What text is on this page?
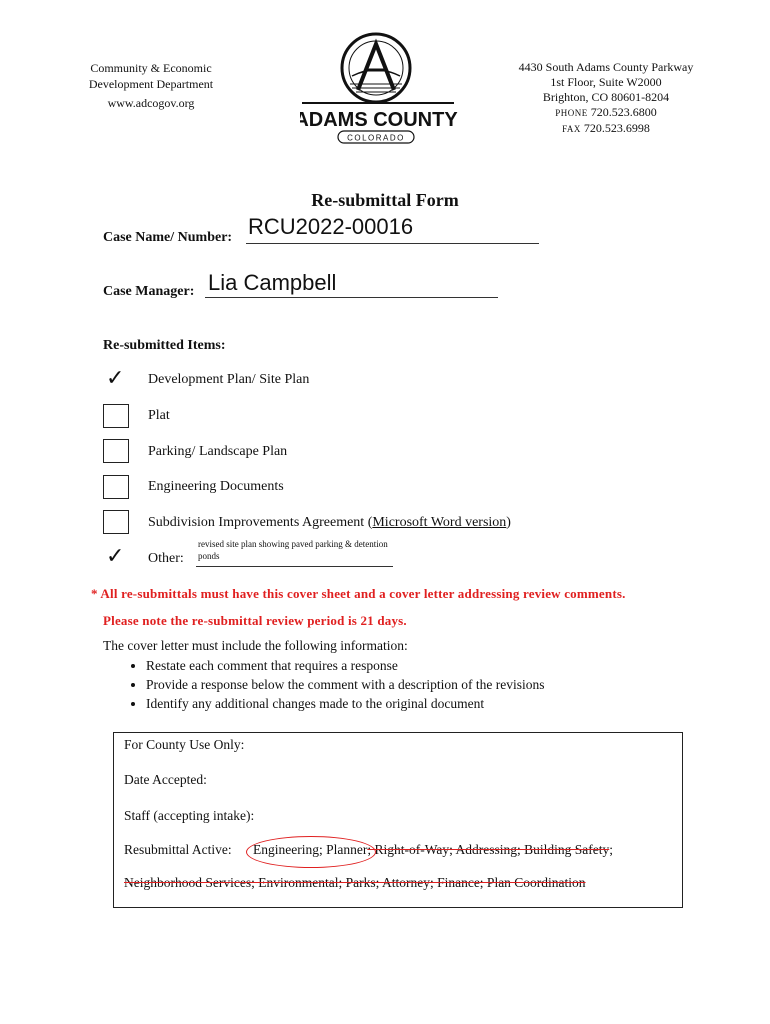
Community & Economic
Development Department
www.adcogov.org
ADAMS COUNTY
COLORADO
4430 South Adams County Parkway
1st Floor, Suite W2000
Brighton, CO 80601-8204
PHONE 720.523.6800
FAX 720.523.6998
Re-submittal Form
Case Name/ Number: RCU2022-00016
Case Manager: Lia Campbell
Re-submitted Items:
✓ Development Plan/ Site Plan
Plat
Parking/ Landscape Plan
Engineering Documents
Subdivision Improvements Agreement (Microsoft Word version)
✓ Other:
revised site plan showing paved parking & detention ponds
* All re-submittals must have this cover sheet and a cover letter addressing review comments.
Please note the re-submittal review period is 21 days.
The cover letter must include the following information:
• Restate each comment that requires a response
• Provide a response below the comment with a description of the revisions
• Identify any additional changes made to the original document
For County Use Only:
Date Accepted:
Staff (accepting intake):
Resubmittal Active: Engineering; Planner; Right-of-Way; Addressing; Building Safety;
Neighborhood Services; Environmental; Parks; Attorney; Finance; Plan Coordination
